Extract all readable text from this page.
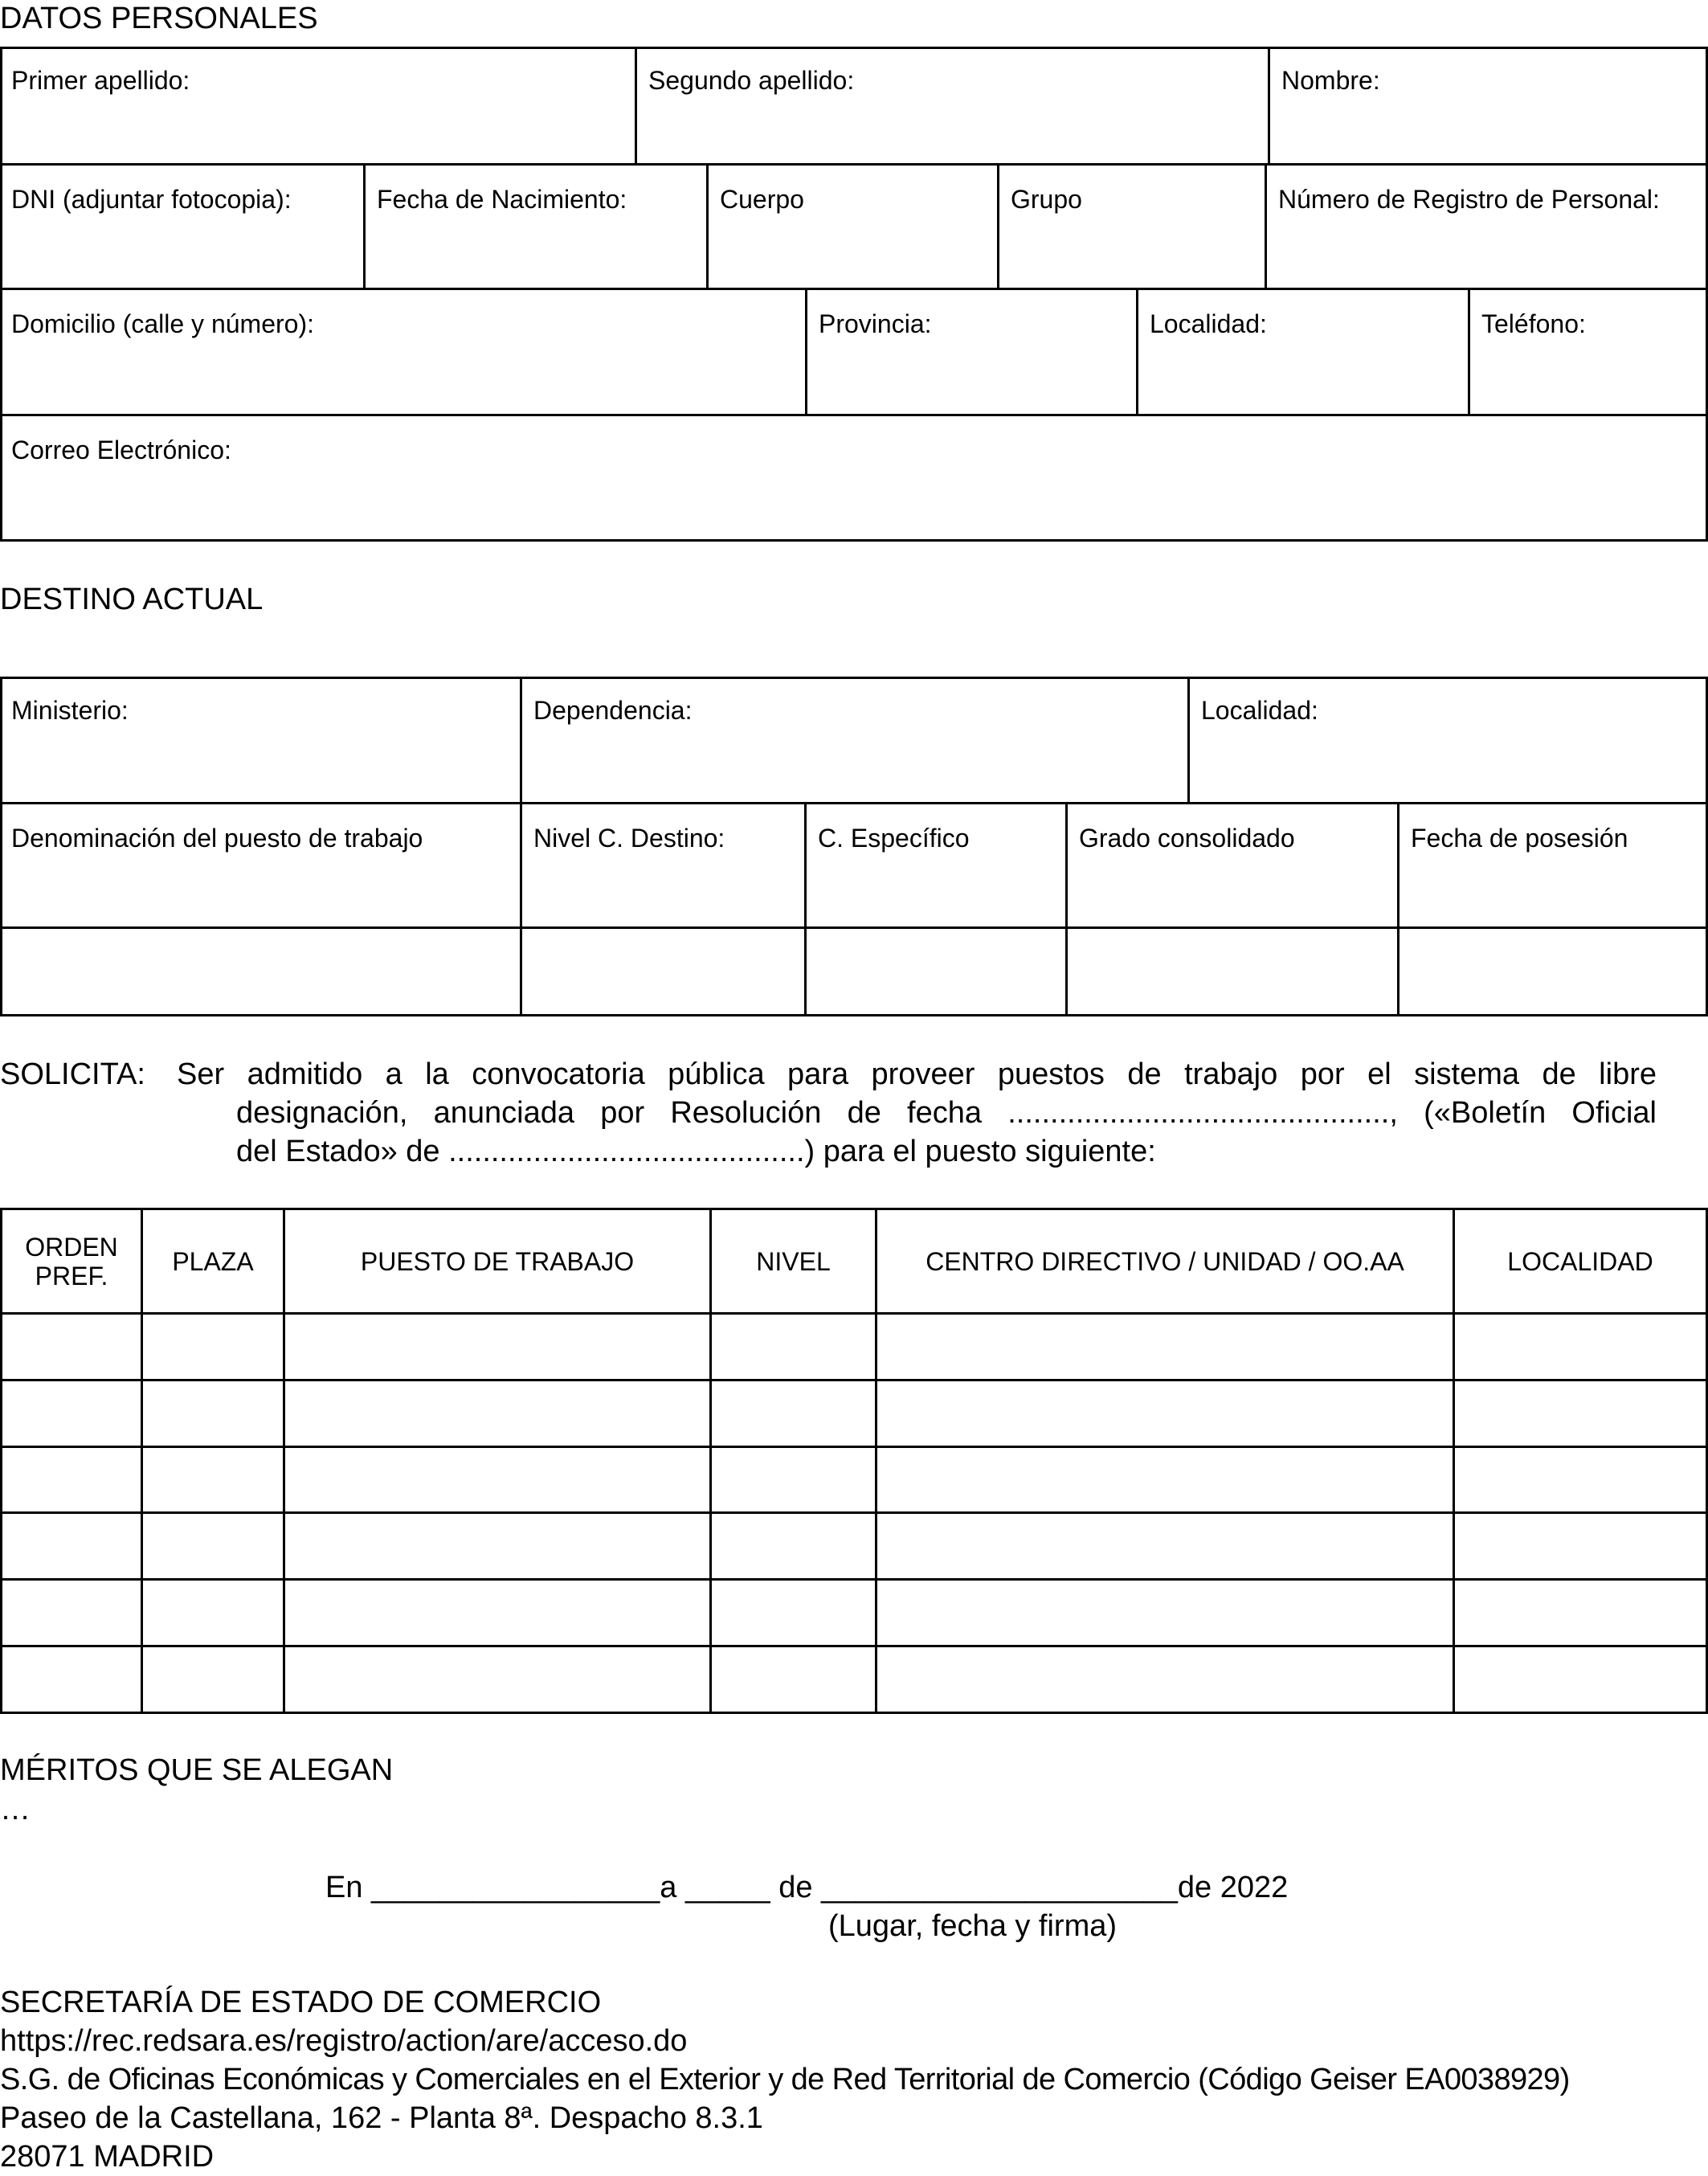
DATOS PERSONALES
Primer apellido:	Segundo apellido:	Nombre:
DNI (adjuntar fotocopia):	Fecha de Nacimiento:	Cuerpo	Grupo	Número de Registro de Personal:
Domicilio (calle y número):	Provincia:	Localidad:	Teléfono:
Correo Electrónico:
DESTINO ACTUAL
Ministerio:	Dependencia:	Localidad:
Denominación del puesto de trabajo	Nivel C. Destino:	C. Específico	Grado consolidado	Fecha de posesión
SOLICITA: Ser admitido a la convocatoria pública para proveer puestos de trabajo por el sistema de libre
designación, anunciada por Resolución de fecha ............................................., («Boletín Oficial
del Estado» de ..........................................) para el puesto siguiente:
ORDEN PREF.	PLAZA	PUESTO DE TRABAJO	NIVEL	CENTRO DIRECTIVO / UNIDAD / OO.AA	LOCALIDAD
MÉRITOS QUE SE ALEGAN
…
En _________________a _____ de _____________________de 2022
(Lugar, fecha y firma)
SECRETARÍA DE ESTADO DE COMERCIO
https://rec.redsara.es/registro/action/are/acceso.do
S.G. de Oficinas Económicas y Comerciales en el Exterior y de Red Territorial de Comercio (Código Geiser EA0038929)
Paseo de la Castellana, 162 - Planta 8ª. Despacho 8.3.1
28071 MADRID
